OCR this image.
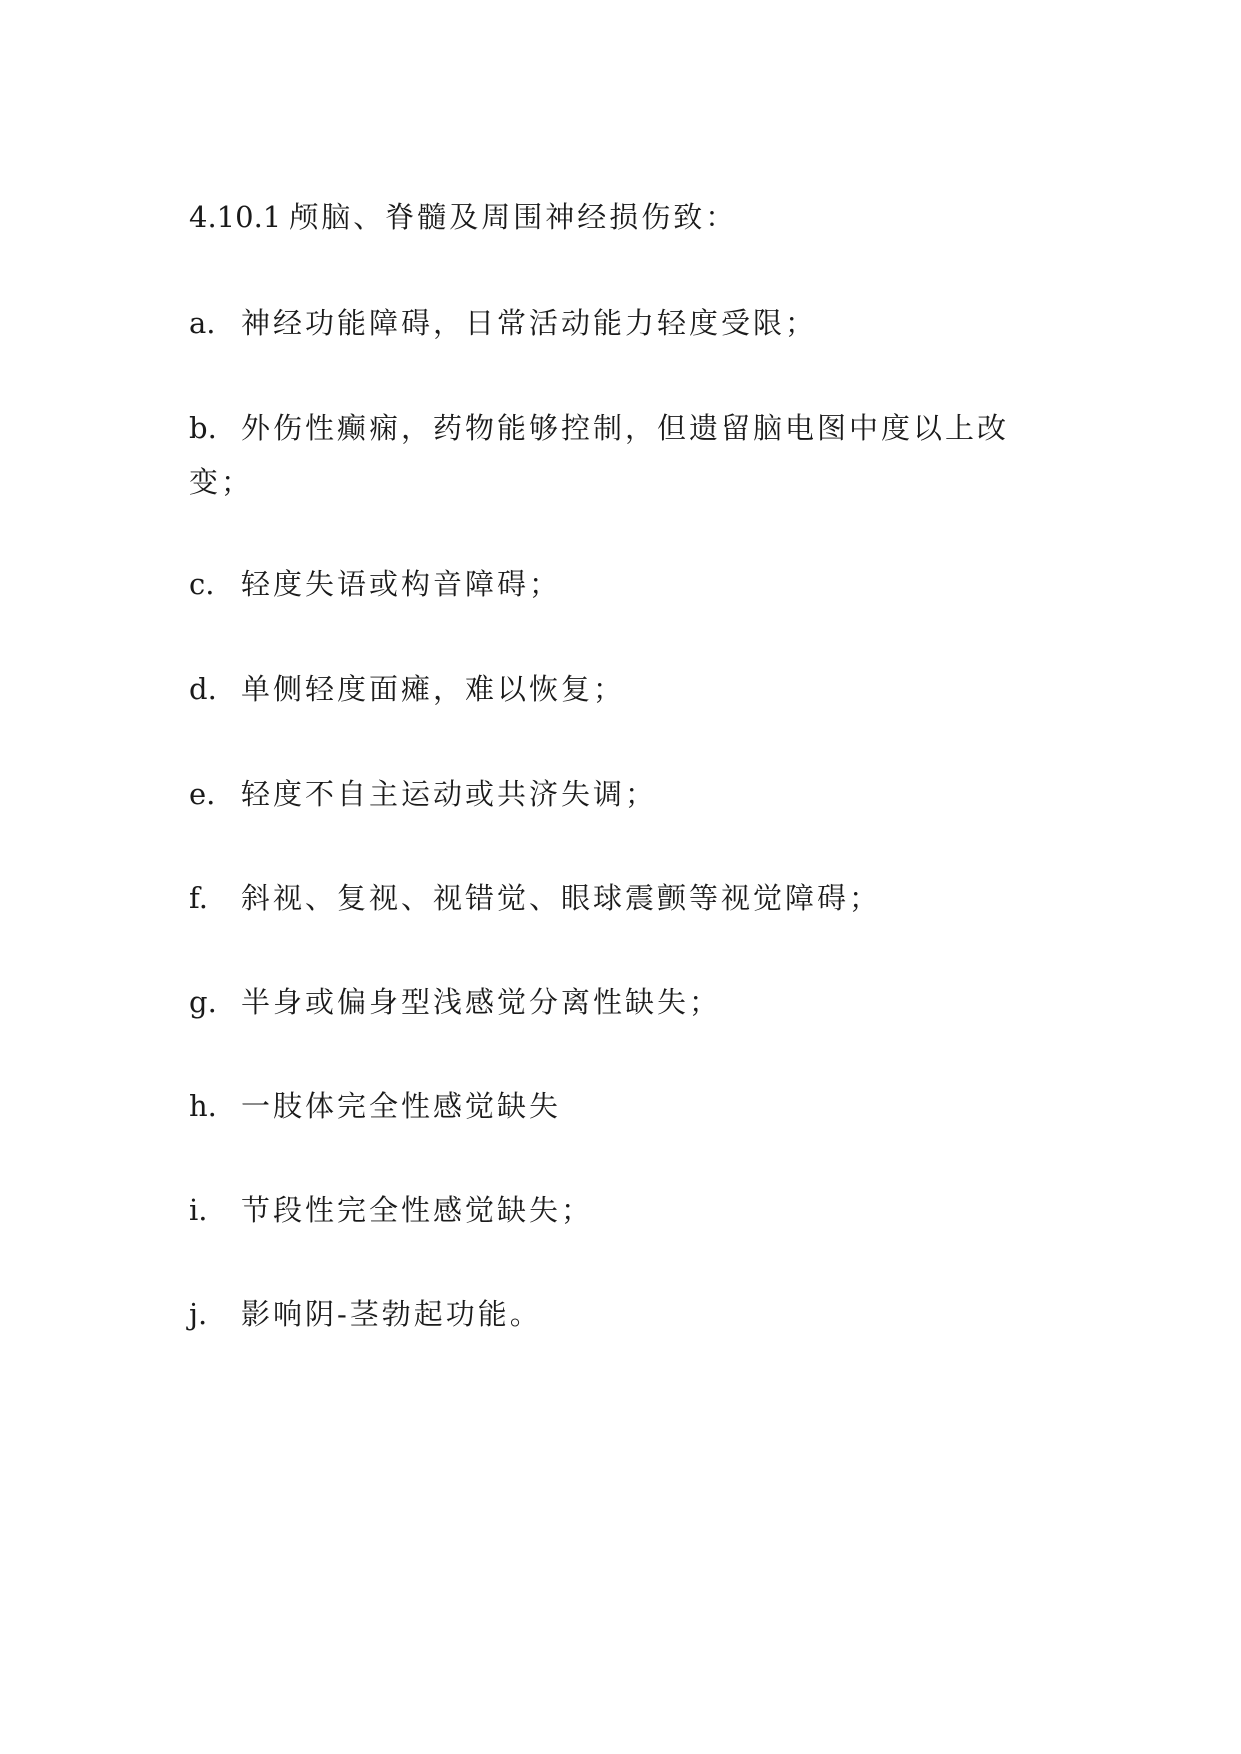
4.10.1 颅脑、脊髓及周围神经损伤致：
a. 神经功能障碍，日常活动能力轻度受限；
b. 外伤性癫痫，药物能够控制，但遗留脑电图中度以上改
变；
c. 轻度失语或构音障碍；
d. 单侧轻度面瘫，难以恢复；
e. 轻度不自主运动或共济失调；
f. 斜视、复视、视错觉、眼球震颤等视觉障碍；
g. 半身或偏身型浅感觉分离性缺失；
h. 一肢体完全性感觉缺失
i. 节段性完全性感觉缺失；
j. 影响阴-茎勃起功能。
